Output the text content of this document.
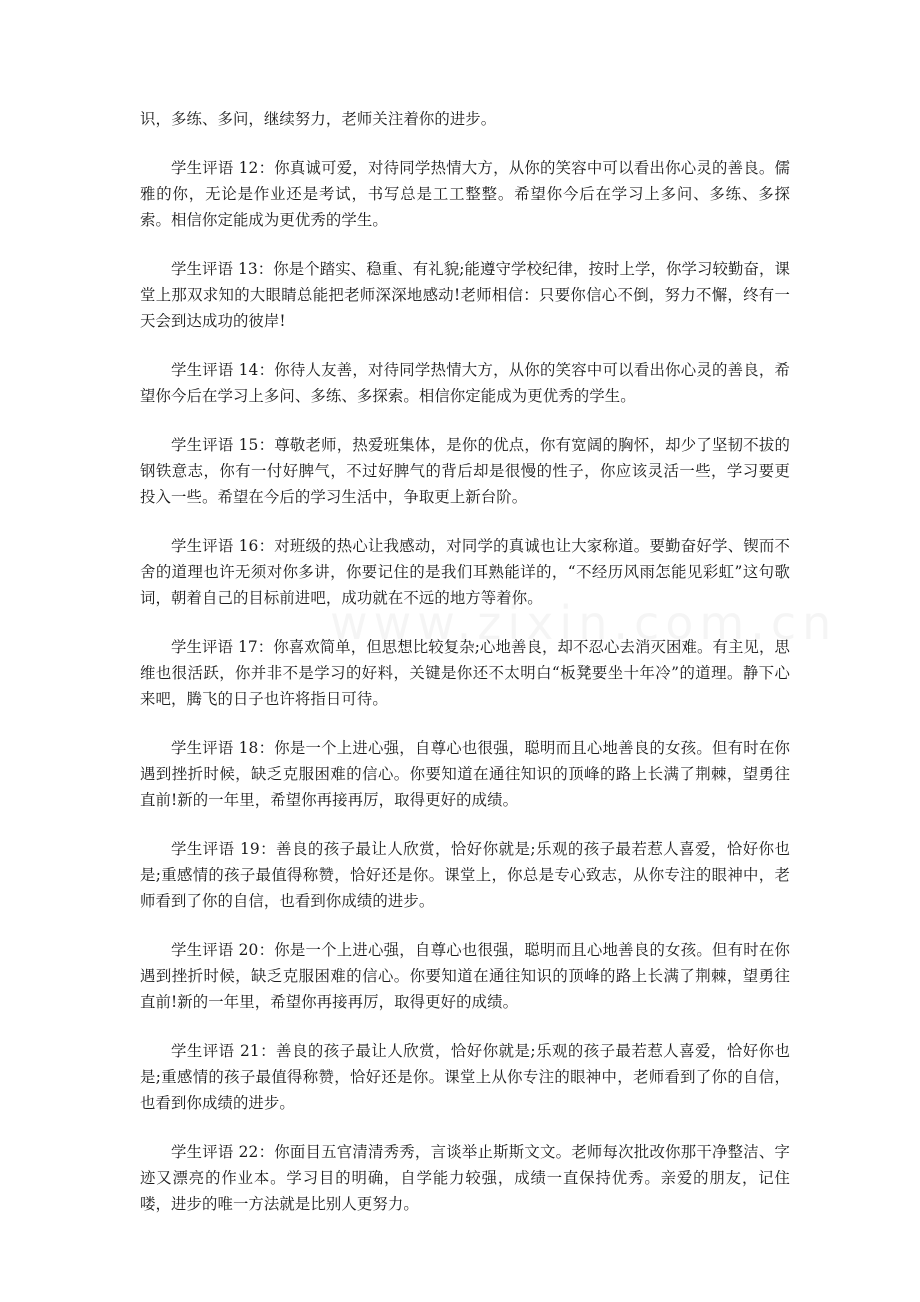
识，多练、多问，继续努力，老师关注着你的进步。

学生评语 12：你真诚可爱，对待同学热情大方，从你的笑容中可以看出你心灵的善良。儒雅的你，无论是作业还是考试，书写总是工工整整。希望你今后在学习上多问、多练、多探索。相信你定能成为更优秀的学生。

学生评语 13：你是个踏实、稳重、有礼貌;能遵守学校纪律，按时上学，你学习较勤奋，课堂上那双求知的大眼睛总能把老师深深地感动!老师相信：只要你信心不倒，努力不懈，终有一天会到达成功的彼岸!

学生评语 14：你待人友善，对待同学热情大方，从你的笑容中可以看出你心灵的善良，希望你今后在学习上多问、多练、多探索。相信你定能成为更优秀的学生。

学生评语 15：尊敬老师，热爱班集体，是你的优点，你有宽阔的胸怀，却少了坚韧不拔的钢铁意志，你有一付好脾气，不过好脾气的背后却是很慢的性子，你应该灵活一些，学习要更投入一些。希望在今后的学习生活中，争取更上新台阶。

学生评语 16：对班级的热心让我感动，对同学的真诚也让大家称道。要勤奋好学、锲而不舍的道理也许无须对你多讲，你要记住的是我们耳熟能详的，“不经历风雨怎能见彩虹”这句歌词，朝着自己的目标前进吧，成功就在不远的地方等着你。

学生评语 17：你喜欢简单，但思想比较复杂;心地善良，却不忍心去消灭困难。有主见，思维也很活跃，你并非不是学习的好料，关键是你还不太明白“板凳要坐十年冷”的道理。静下心来吧，腾飞的日子也许将指日可待。

学生评语 18：你是一个上进心强，自尊心也很强，聪明而且心地善良的女孩。但有时在你遇到挫折时候，缺乏克服困难的信心。你要知道在通往知识的顶峰的路上长满了荆棘，望勇往直前!新的一年里，希望你再接再厉，取得更好的成绩。

学生评语 19：善良的孩子最让人欣赏，恰好你就是;乐观的孩子最若惹人喜爱，恰好你也是;重感情的孩子最值得称赞，恰好还是你。课堂上，你总是专心致志，从你专注的眼神中，老师看到了你的自信，也看到你成绩的进步。

学生评语 20：你是一个上进心强，自尊心也很强，聪明而且心地善良的女孩。但有时在你遇到挫折时候，缺乏克服困难的信心。你要知道在通往知识的顶峰的路上长满了荆棘，望勇往直前!新的一年里，希望你再接再厉，取得更好的成绩。

学生评语 21：善良的孩子最让人欣赏，恰好你就是;乐观的孩子最若惹人喜爱，恰好你也是;重感情的孩子最值得称赞，恰好还是你。课堂上从你专注的眼神中，老师看到了你的自信，也看到你成绩的进步。

学生评语 22：你面目五官清清秀秀，言谈举止斯斯文文。老师每次批改你那干净整洁、字迹又漂亮的作业本。学习目的明确，自学能力较强，成绩一直保持优秀。亲爱的朋友，记住喽，进步的唯一方法就是比别人更努力。
